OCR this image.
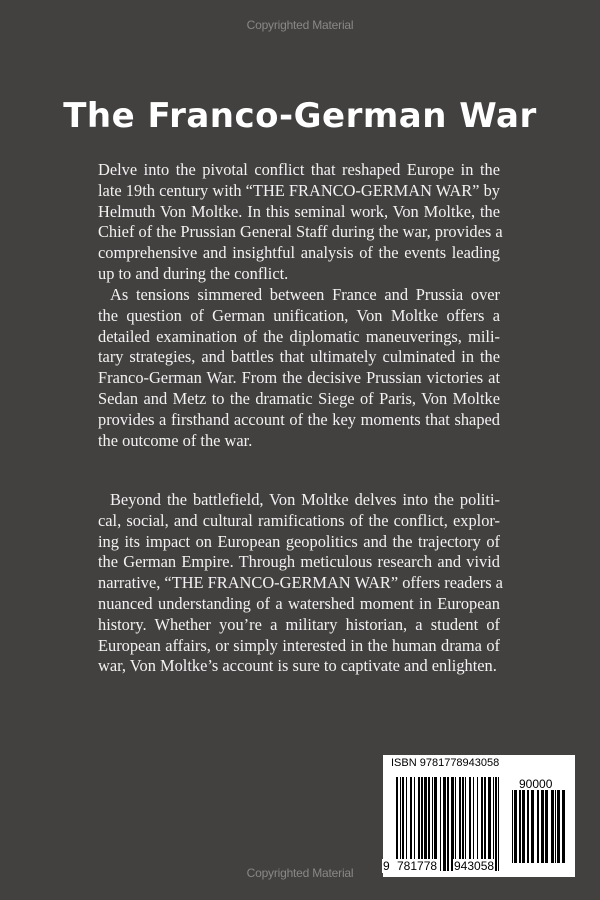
Copyrighted Material
The Franco-German War
Delve into the pivotal conflict that reshaped Europe in the
late 19th century with “THE FRANCO-GERMAN WAR” by
Helmuth Von Moltke. In this seminal work, Von Moltke, the
Chief of the Prussian General Staff during the war, provides a
comprehensive and insightful analysis of the events leading
up to and during the conflict.
As tensions simmered between France and Prussia over
the question of German unification, Von Moltke offers a
detailed examination of the diplomatic maneuverings, mili-
tary strategies, and battles that ultimately culminated in the
Franco-German War. From the decisive Prussian victories at
Sedan and Metz to the dramatic Siege of Paris, Von Moltke
provides a firsthand account of the key moments that shaped
the outcome of the war.
Beyond the battlefield, Von Moltke delves into the politi-
cal, social, and cultural ramifications of the conflict, explor-
ing its impact on European geopolitics and the trajectory of
the German Empire. Through meticulous research and vivid
narrative, “THE FRANCO-GERMAN WAR” offers readers a
nuanced understanding of a watershed moment in European
history. Whether you’re a military historian, a student of
European affairs, or simply interested in the human drama of
war, Von Moltke’s account is sure to captivate and enlighten.
ISBN 9781778943058
90000
9 781778 943058
Copyrighted Material
